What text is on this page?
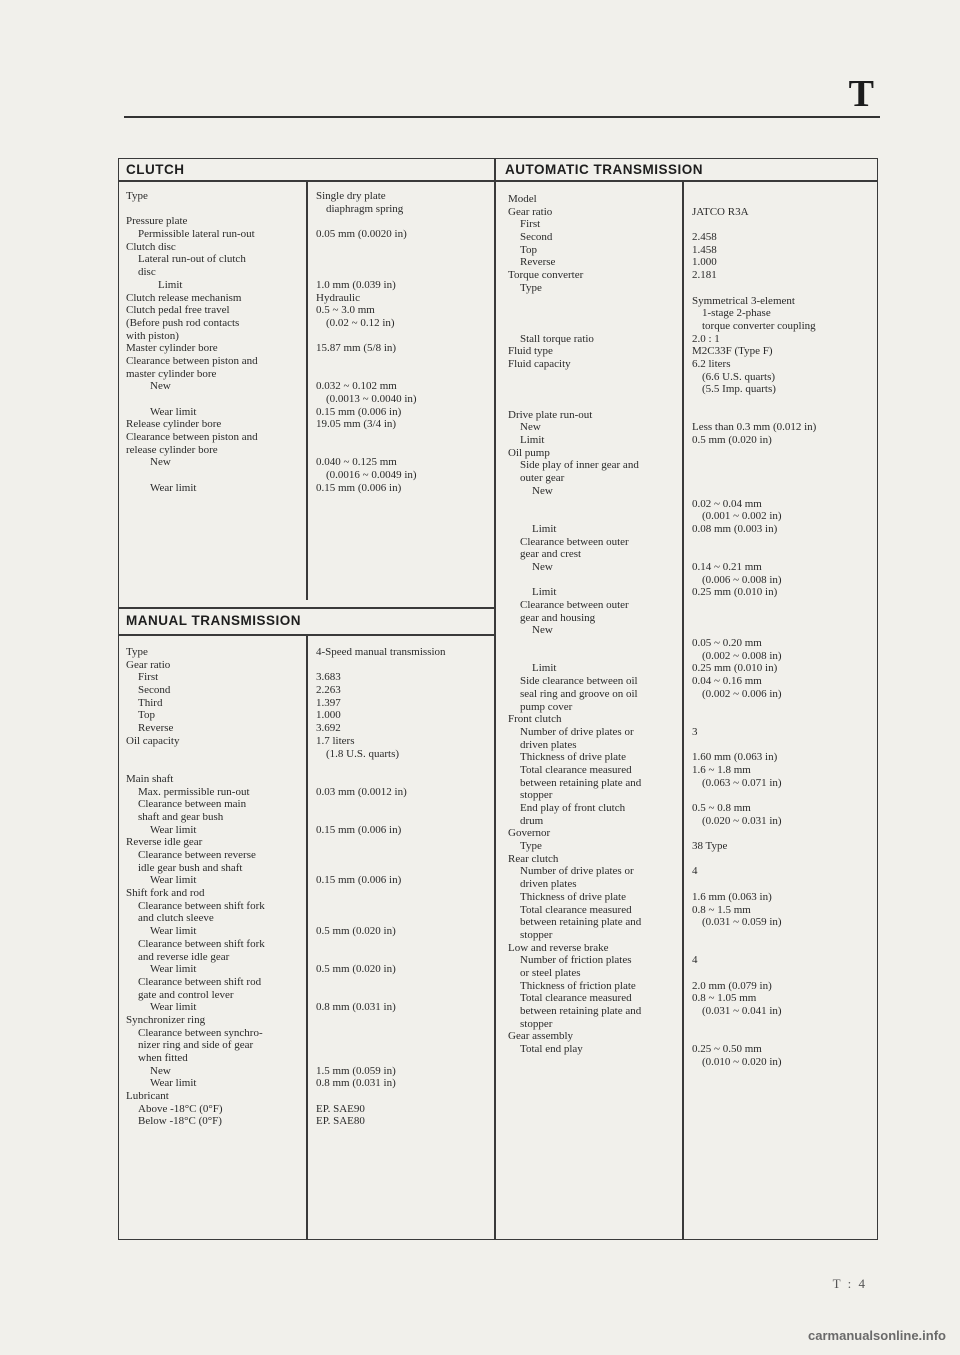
T
CLUTCH	AUTOMATIC TRANSMISSION
MANUAL TRANSMISSION
Type
Pressure plate
Permissible lateral run-out
Clutch disc
Lateral run-out of clutch
disc
Limit
Clutch release mechanism
Clutch pedal free travel
(Before push rod contacts
with piston)
Master cylinder bore
Clearance between piston and
master cylinder bore
New
Wear limit
Release cylinder bore
Clearance between piston and
release cylinder bore
New
Wear limit
Single dry plate
diaphragm spring
0.05 mm (0.0020 in)
1.0 mm (0.039 in)
Hydraulic
0.5 ~ 3.0 mm
(0.02 ~ 0.12 in)
15.87 mm (5/8 in)
0.032 ~ 0.102 mm
(0.0013 ~ 0.0040 in)
0.15 mm (0.006 in)
19.05 mm (3/4 in)
0.040 ~ 0.125 mm
(0.0016 ~ 0.0049 in)
0.15 mm (0.006 in)
Type
Gear ratio
First
Second
Third
Top
Reverse
Oil capacity
Main shaft
Max. permissible run-out
Clearance between main
shaft and gear bush
Wear limit
Reverse idle gear
Clearance between reverse
idle gear bush and shaft
Wear limit
Shift fork and rod
Clearance between shift fork
and clutch sleeve
Wear limit
Clearance between shift fork
and reverse idle gear
Wear limit
Clearance between shift rod
gate and control lever
Wear limit
Synchronizer ring
Clearance between synchro-
nizer ring and side of gear
when fitted
New
Wear limit
Lubricant
Above -18°C (0°F)
Below -18°C (0°F)
4-Speed manual transmission
3.683
2.263
1.397
1.000
3.692
1.7 liters
(1.8 U.S. quarts)
0.03 mm (0.0012 in)
0.15 mm (0.006 in)
0.15 mm (0.006 in)
0.5 mm (0.020 in)
0.5 mm (0.020 in)
0.8 mm (0.031 in)
1.5 mm (0.059 in)
0.8 mm (0.031 in)
EP. SAE90
EP. SAE80
Model
Gear ratio
First
Second
Top
Reverse
Torque converter
Type
Stall torque ratio
Fluid type
Fluid capacity
Drive plate run-out
New
Limit
Oil pump
Side play of inner gear and
outer gear
New
Limit
Clearance between outer
gear and crest
New
Limit
Clearance between outer
gear and housing
New
Limit
Side clearance between oil
seal ring and groove on oil
pump cover
Front clutch
Number of drive plates or
driven plates
Thickness of drive plate
Total clearance measured
between retaining plate and
stopper
End play of front clutch
drum
Governor
Type
Rear clutch
Number of drive plates or
driven plates
Thickness of drive plate
Total clearance measured
between retaining plate and
stopper
Low and reverse brake
Number of friction plates
or steel plates
Thickness of friction plate
Total clearance measured
between retaining plate and
stopper
Gear assembly
Total end play
JATCO R3A
2.458
1.458
1.000
2.181
Symmetrical 3-element
1-stage 2-phase
torque converter coupling
2.0 : 1
M2C33F (Type F)
6.2 liters
(6.6 U.S. quarts)
(5.5 Imp. quarts)
Less than 0.3 mm (0.012 in)
0.5 mm (0.020 in)
0.02 ~ 0.04 mm
(0.001 ~ 0.002 in)
0.08 mm (0.003 in)
0.14 ~ 0.21 mm
(0.006 ~ 0.008 in)
0.25 mm (0.010 in)
0.05 ~ 0.20 mm
(0.002 ~ 0.008 in)
0.25 mm (0.010 in)
0.04 ~ 0.16 mm
(0.002 ~ 0.006 in)
3
1.60 mm (0.063 in)
1.6 ~ 1.8 mm
(0.063 ~ 0.071 in)
0.5 ~ 0.8 mm
(0.020 ~ 0.031 in)
38 Type
4
1.6 mm (0.063 in)
0.8 ~ 1.5 mm
(0.031 ~ 0.059 in)
4
2.0 mm (0.079 in)
0.8 ~ 1.05 mm
(0.031 ~ 0.041 in)
0.25 ~ 0.50 mm
(0.010 ~ 0.020 in)
T : 4
carmanualsonline.info
